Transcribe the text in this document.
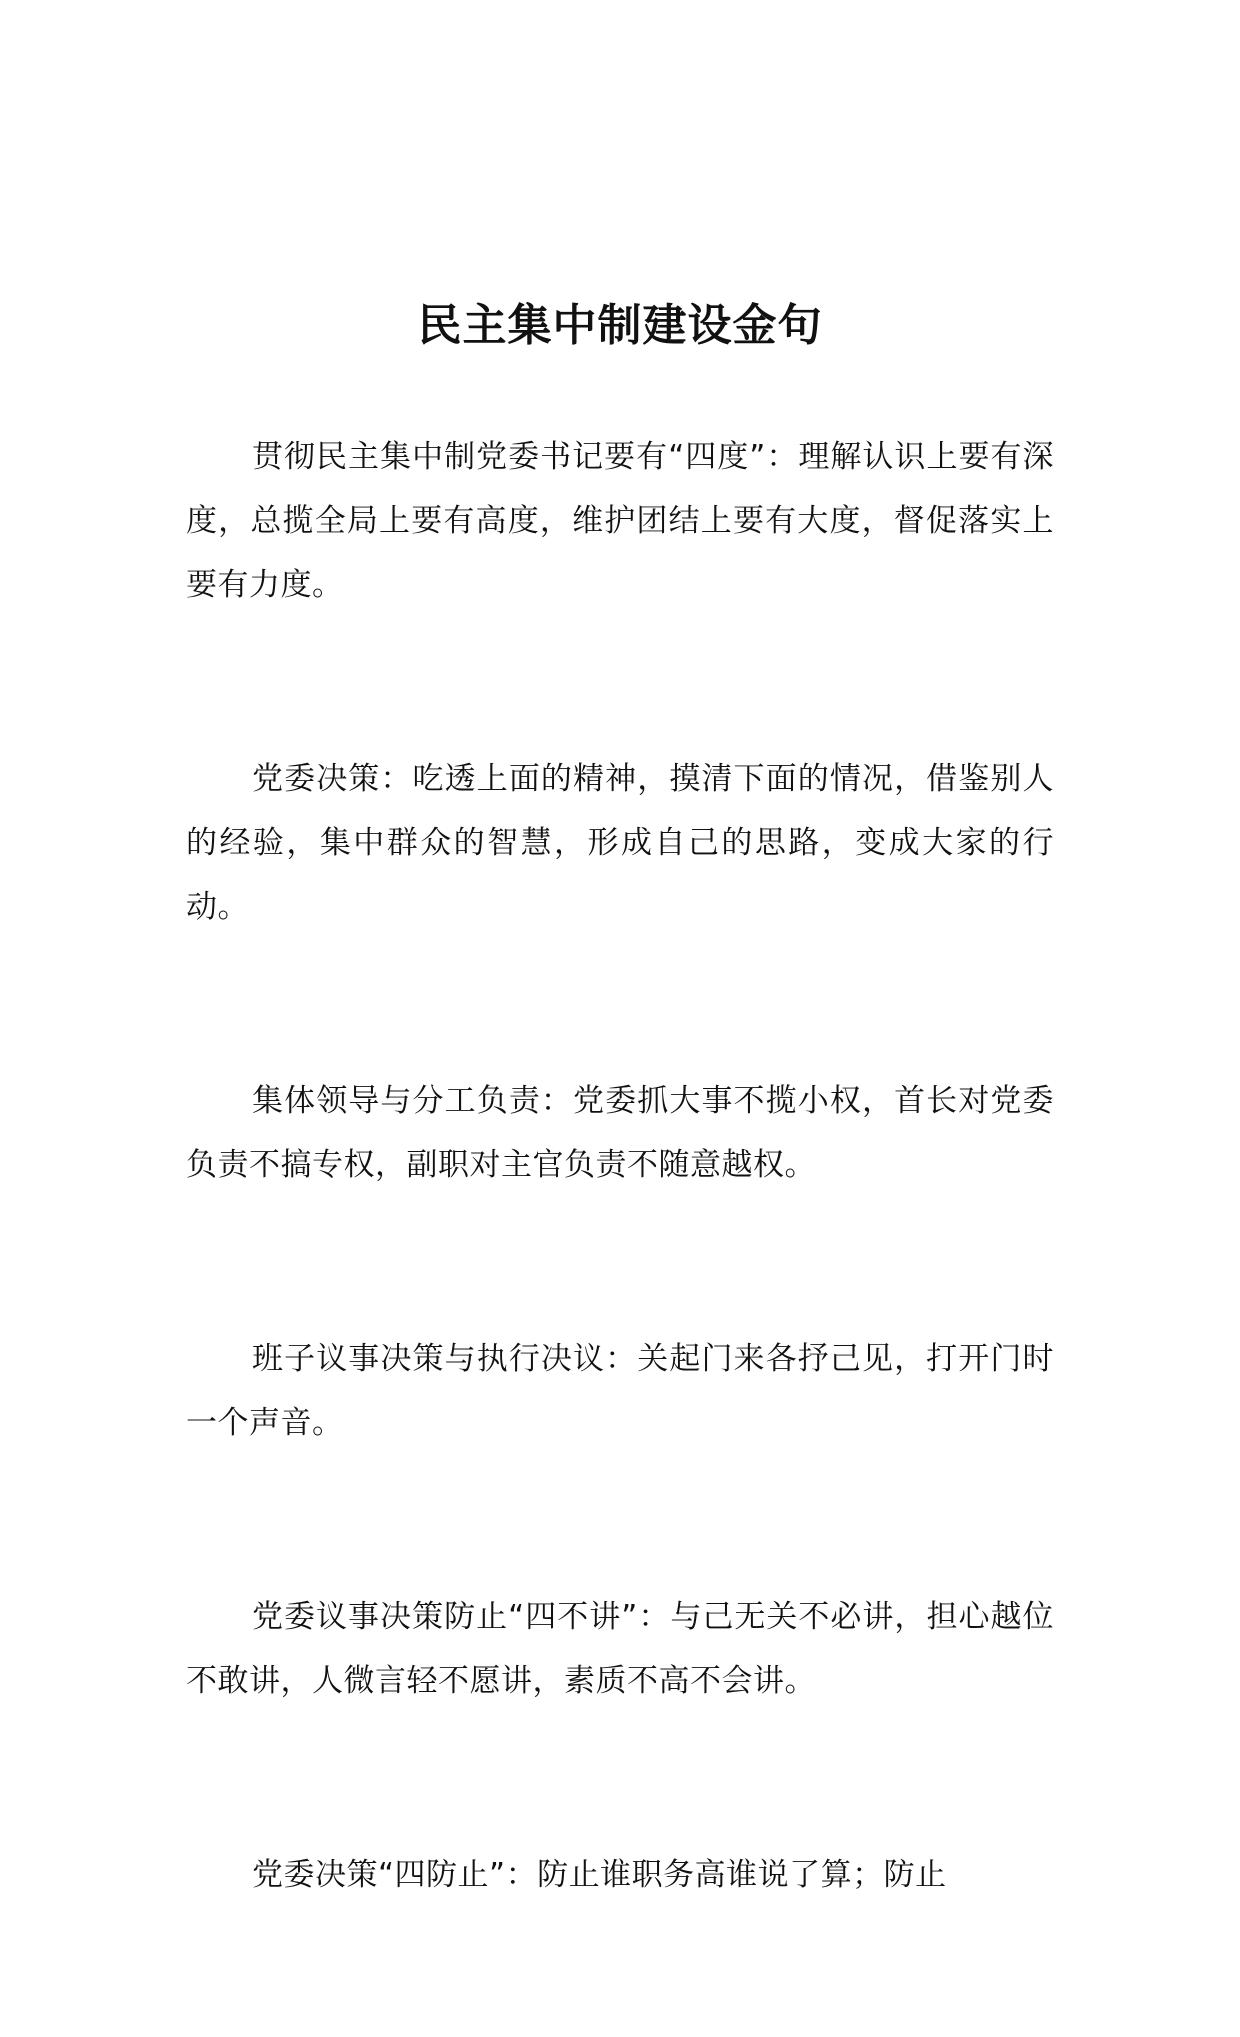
民主集中制建设金句

贯彻民主集中制党委书记要有“四度”：理解认识上要有深度，总揽全局上要有高度，维护团结上要有大度，督促落实上要有力度。

党委决策：吃透上面的精神，摸清下面的情况，借鉴别人的经验，集中群众的智慧，形成自己的思路，变成大家的行动。

集体领导与分工负责：党委抓大事不揽小权，首长对党委负责不搞专权，副职对主官负责不随意越权。

班子议事决策与执行决议：关起门来各抒己见，打开门时一个声音。

党委议事决策防止“四不讲”：与己无关不必讲，担心越位不敢讲，人微言轻不愿讲，素质不高不会讲。

党委决策“四防止”：防止谁职务高谁说了算；防止
